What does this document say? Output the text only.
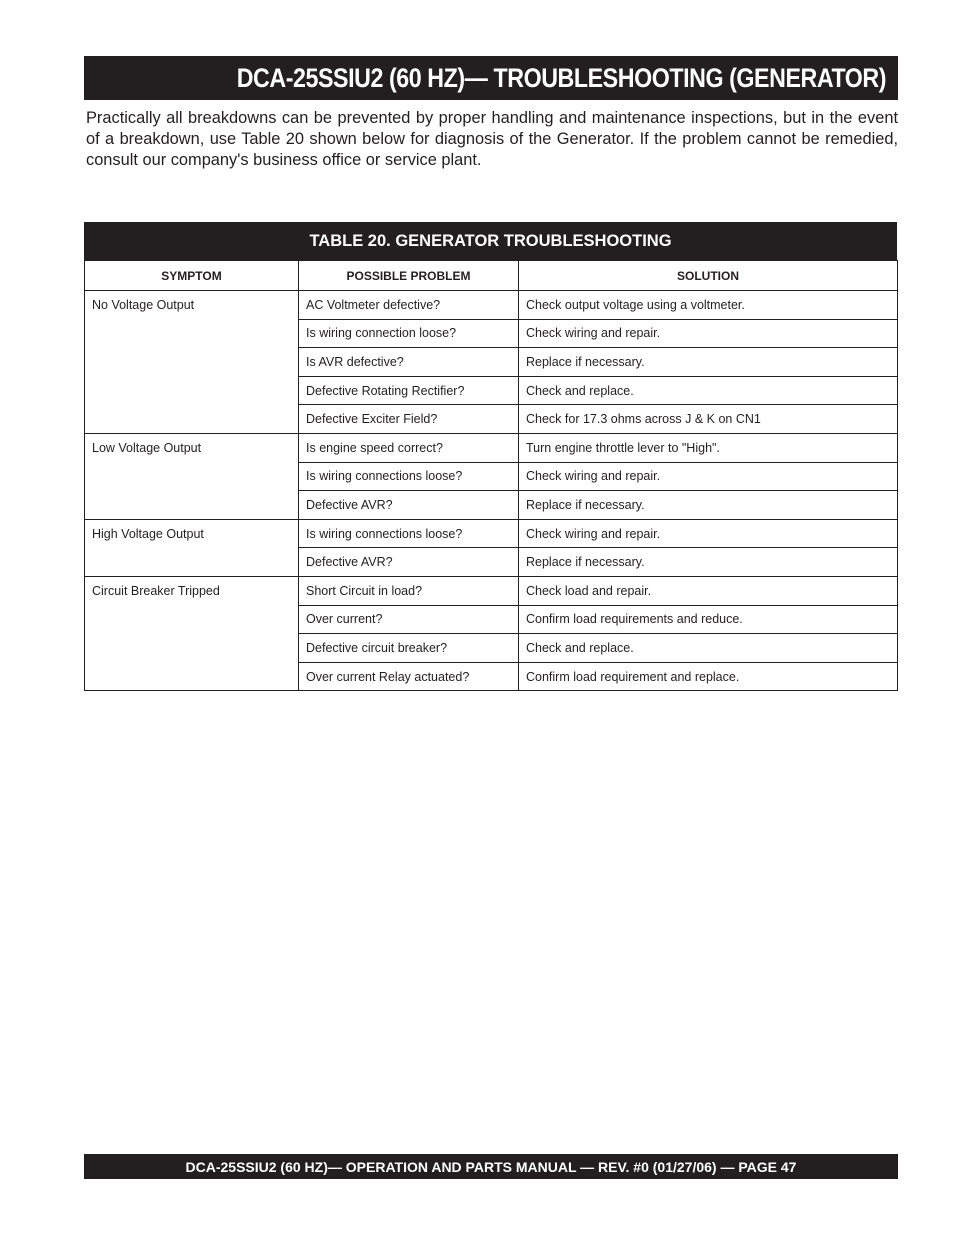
DCA-25SSIU2 (60 HZ)— TROUBLESHOOTING (GENERATOR)

Practically all breakdowns can be prevented by proper handling and maintenance inspections, but in the event of a breakdown, use Table 20 shown below for diagnosis of the Generator. If the problem cannot be remedied, consult our company's business office or service plant.

TABLE 20. GENERATOR TROUBLESHOOTING
SYMPTOM	POSSIBLE PROBLEM	SOLUTION
No Voltage Output	AC Voltmeter defective?	Check output voltage using a voltmeter.
	Is wiring connection loose?	Check wiring and repair.
	Is AVR defective?	Replace if necessary.
	Defective Rotating Rectifier?	Check and replace.
	Defective Exciter Field?	Check for 17.3 ohms across J & K on CN1
Low Voltage Output	Is engine speed correct?	Turn engine throttle lever to "High".
	Is wiring connections loose?	Check wiring and repair.
	Defective AVR?	Replace if necessary.
High Voltage Output	Is wiring connections loose?	Check wiring and repair.
	Defective AVR?	Replace if necessary.
Circuit Breaker Tripped	Short Circuit in load?	Check load and repair.
	Over current?	Confirm load requirements and reduce.
	Defective circuit breaker?	Check and replace.
	Over current Relay actuated?	Confirm load requirement and replace.
DCA-25SSIU2 (60 HZ)— OPERATION AND PARTS MANUAL — REV. #0 (01/27/06) — PAGE 47
